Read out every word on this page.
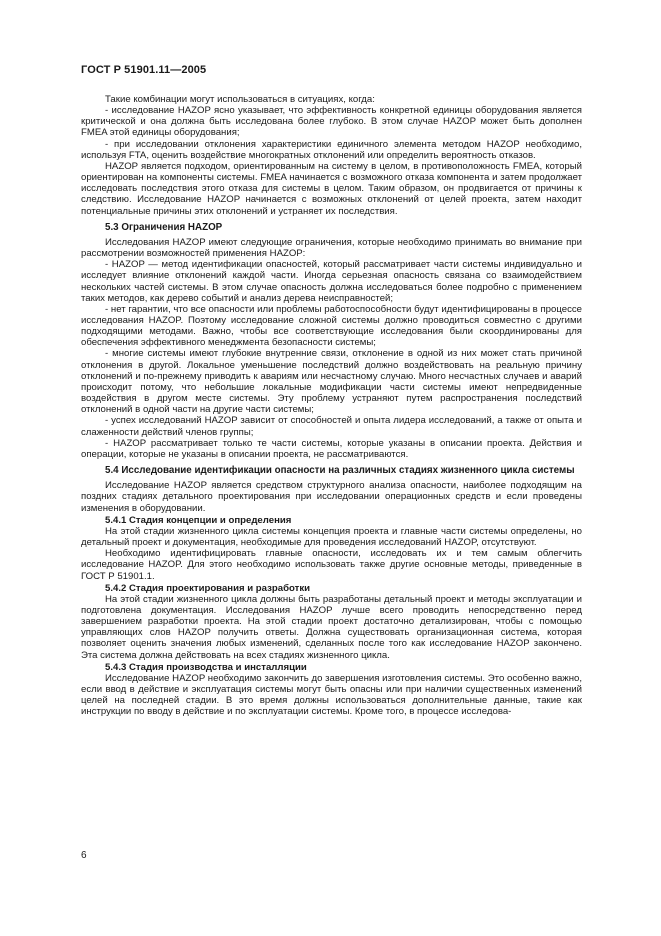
ГОСТ Р 51901.11—2005

Такие комбинации могут использоваться в ситуациях, когда:

- исследование HAZOP ясно указывает, что эффективность конкретной единицы оборудования является критической и она должна быть исследована более глубоко. В этом случае HAZOP может быть дополнен FMEA этой единицы оборудования;

- при исследовании отклонения характеристики единичного элемента методом HAZOP необходимо, используя FTA, оценить воздействие многократных отклонений или определить вероятность отказов.

HAZOP является подходом, ориентированным на систему в целом, в противоположность FMEA, который ориентирован на компоненты системы. FMEA начинается с возможного отказа компонента и затем продолжает исследовать последствия этого отказа для системы в целом. Таким образом, он продвигается от причины к следствию. Исследование HAZOP начинается с возможных отклонений от целей проекта, затем находит потенциальные причины этих отклонений и устраняет их последствия.

5.3 Ограничения HAZOP

Исследования HAZOP имеют следующие ограничения, которые необходимо принимать во внимание при рассмотрении возможностей применения HAZOP:

- HAZOP — метод идентификации опасностей, который рассматривает части системы индивидуально и исследует влияние отклонений каждой части. Иногда серьезная опасность связана со взаимодействием нескольких частей системы. В этом случае опасность должна исследоваться более подробно с применением таких методов, как дерево событий и анализ дерева неисправностей;

- нет гарантии, что все опасности или проблемы работоспособности будут идентифицированы в процессе исследования HAZOP. Поэтому исследование сложной системы должно проводиться совместно с другими подходящими методами. Важно, чтобы все соответствующие исследования были скоординированы для обеспечения эффективного менеджмента безопасности системы;

- многие системы имеют глубокие внутренние связи, отклонение в одной из них может стать причиной отклонения в другой. Локальное уменьшение последствий должно воздействовать на реальную причину отклонений и по-прежнему приводить к авариям или несчастному случаю. Много несчастных случаев и аварий происходит потому, что небольшие локальные модификации части системы имеют непредвиденные воздействия в другом месте системы. Эту проблему устраняют путем распространения последствий отклонений в одной части на другие части системы;

- успех исследований HAZOP зависит от способностей и опыта лидера исследований, а также от опыта и слаженности действий членов группы;

- HAZOP рассматривает только те части системы, которые указаны в описании проекта. Действия и операции, которые не указаны в описании проекта, не рассматриваются.

5.4 Исследование идентификации опасности на различных стадиях жизненного цикла системы

Исследование HAZOP является средством структурного анализа опасности, наиболее подходящим на поздних стадиях детального проектирования при исследовании операционных средств и если проведены изменения в оборудовании.

5.4.1 Стадия концепции и определения

На этой стадии жизненного цикла системы концепция проекта и главные части системы определены, но детальный проект и документация, необходимые для проведения исследований HAZOP, отсутствуют.

Необходимо идентифицировать главные опасности, исследовать их и тем самым облегчить исследование HAZOP. Для этого необходимо использовать также другие основные методы, приведенные в ГОСТ Р 51901.1.

5.4.2 Стадия проектирования и разработки

На этой стадии жизненного цикла должны быть разработаны детальный проект и методы эксплуатации и подготовлена документация. Исследования HAZOP лучше всего проводить непосредственно перед завершением разработки проекта. На этой стадии проект достаточно детализирован, чтобы с помощью управляющих слов HAZOP получить ответы. Должна существовать организационная система, которая позволяет оценить значения любых изменений, сделанных после того как исследование HAZOP закончено. Эта система должна действовать на всех стадиях жизненного цикла.

5.4.3 Стадия производства и инсталляции

Исследование HAZOP необходимо закончить до завершения изготовления системы. Это особенно важно, если ввод в действие и эксплуатация системы могут быть опасны или при наличии существенных изменений целей на последней стадии. В это время должны использоваться дополнительные данные, такие как инструкции по вводу в действие и по эксплуатации системы. Кроме того, в процессе исследова-

6
